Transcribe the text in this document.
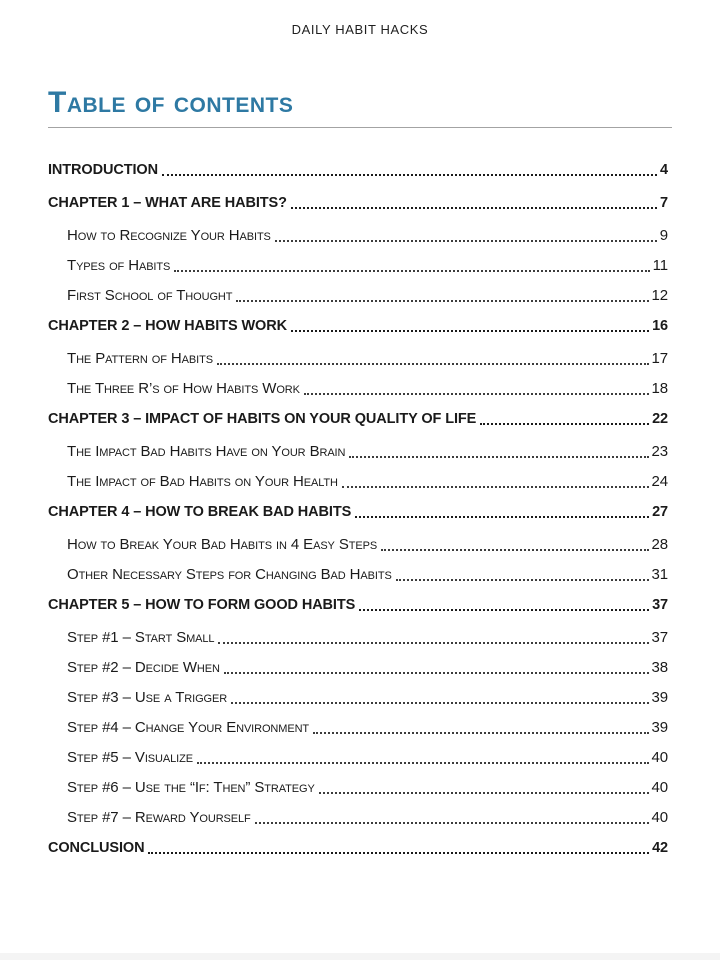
DAILY HABIT HACKS
Table of contents
INTRODUCTION	4
CHAPTER 1 – WHAT ARE HABITS?	7
How to Recognize Your Habits	9
Types of Habits	11
First School of Thought	12
CHAPTER 2 – HOW HABITS WORK	16
The Pattern of Habits	17
The Three R’s of How Habits Work	18
CHAPTER 3 – IMPACT OF HABITS ON YOUR QUALITY OF LIFE	22
The Impact Bad Habits Have on Your Brain	23
The Impact of Bad Habits on Your Health	24
CHAPTER 4 – HOW TO BREAK BAD HABITS	27
How to Break Your Bad Habits in 4 Easy Steps	28
Other Necessary Steps for Changing Bad Habits	31
CHAPTER 5 – HOW TO FORM GOOD HABITS	37
Step #1 – Start Small	37
Step #2 – Decide When	38
Step #3 – Use a Trigger	39
Step #4 – Change Your Environment	39
Step #5 – Visualize	40
Step #6 – Use the “If: Then” Strategy	40
Step #7 – Reward Yourself	40
CONCLUSION	42
